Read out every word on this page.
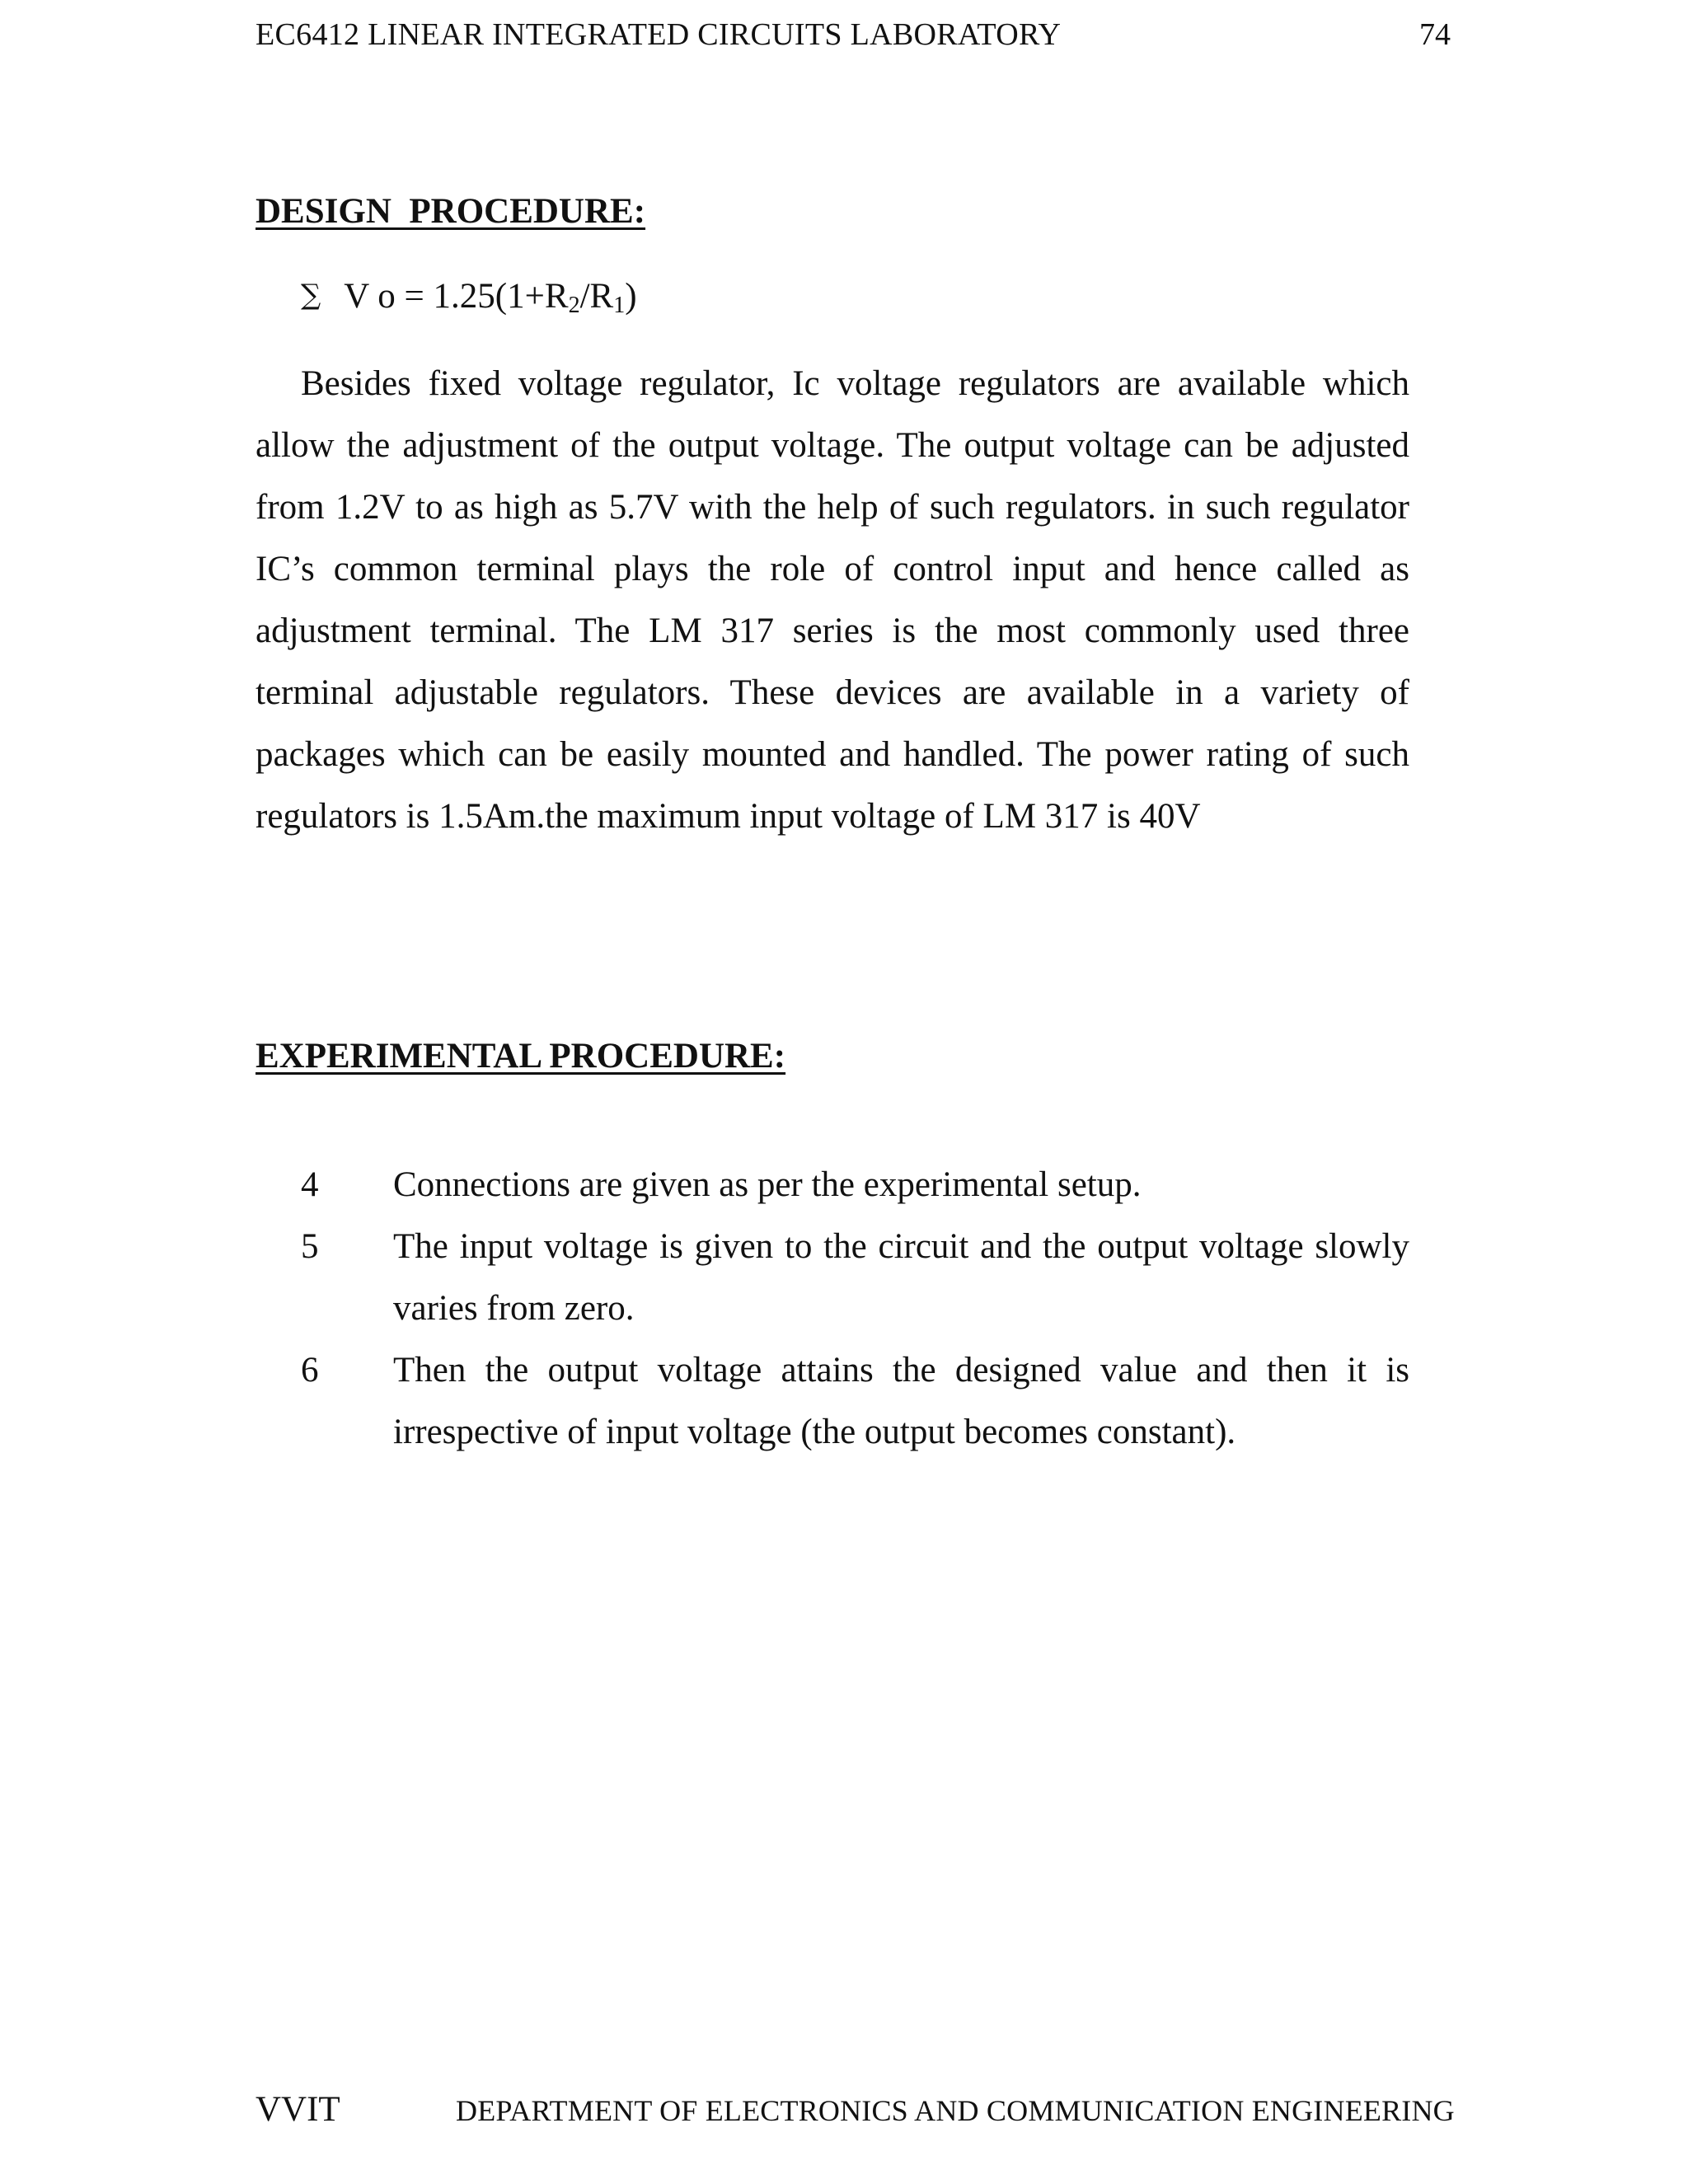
EC6412 LINEAR INTEGRATED CIRCUITS LABORATORY	74
DESIGN  PROCEDURE:
∑ V $o = 1.25(1+R_2/R_1)$

Besides fixed voltage regulator, Ic voltage regulators are available which allow the adjustment of the output voltage. The output voltage can be adjusted from 1.2V to as high as 5.7V with the help of such regulators. in such regulator IC’s common terminal plays the role of control input and hence called as adjustment terminal. The LM 317 series is the most commonly used three terminal adjustable regulators. These devices are available in a variety of packages which can be easily mounted and handled. The power rating of such regulators is 1.5Am.the maximum input voltage of LM 317 is 40V

EXPERIMENTAL PROCEDURE:
4	Connections are given as per the experimental setup.
5	The input voltage is given to the circuit and the output voltage slowly varies from zero.
6	Then the output voltage attains the designed value and then it is irrespective of input voltage (the output becomes constant).
VVIT	DEPARTMENT OF ELECTRONICS AND COMMUNICATION ENGINEERING
